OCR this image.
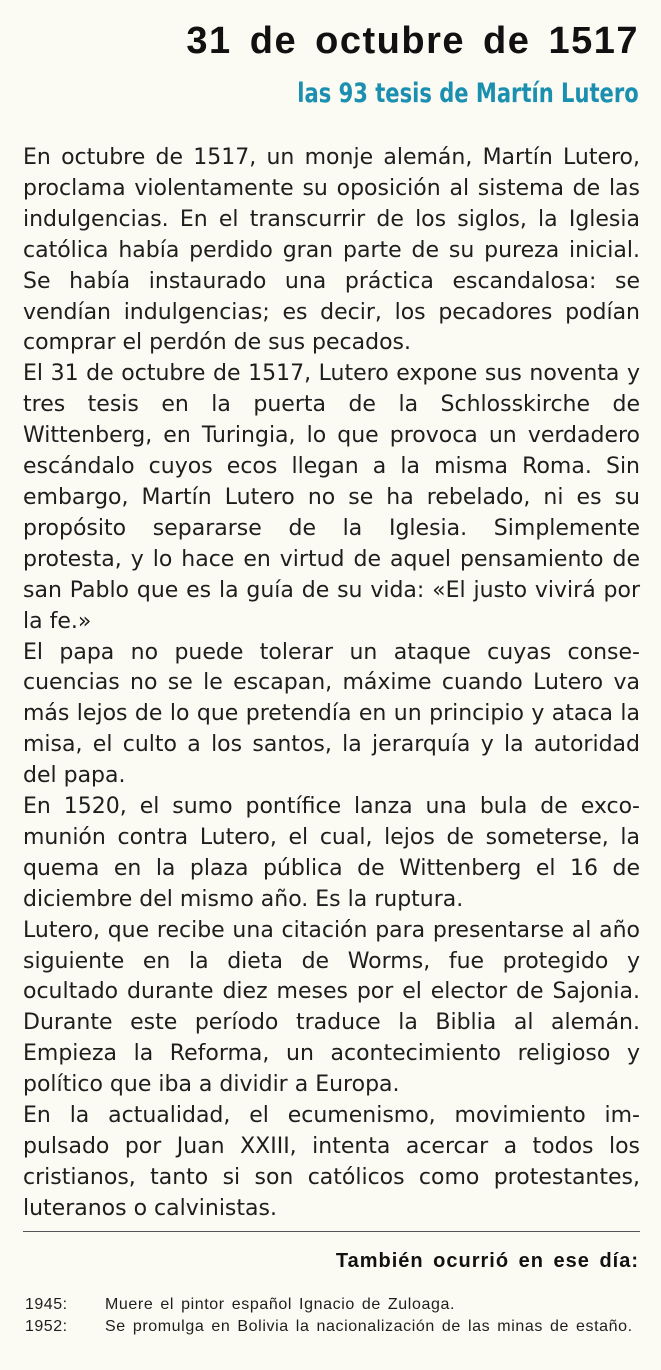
31 de octubre de 1517
las 93 tesis de Martín Lutero

En octubre de 1517, un monje alemán, Martín Lutero, proclama violentamente su oposición al sistema de las indulgencias. En el transcurrir de los siglos, la Iglesia católica había perdido gran parte de su pureza inicial. Se había instaurado una práctica escandalosa: se vendían indulgencias; es decir, los pecadores podían comprar el perdón de sus pecados.

El 31 de octubre de 1517, Lutero expone sus noventa y tres tesis en la puerta de la Schlosskirche de Wittenberg, en Turingia, lo que provoca un verdadero escándalo cuyos ecos llegan a la misma Roma. Sin embargo, Martín Lutero no se ha rebelado, ni es su propósito separarse de la Iglesia. Simplemente protesta, y lo hace en virtud de aquel pensamiento de san Pablo que es la guía de su vida: «El justo vivirá por la fe.»

El papa no puede tolerar un ataque cuyas consecuencias no se le escapan, máxime cuando Lutero va más lejos de lo que pretendía en un principio y ataca la misa, el culto a los santos, la jerarquía y la autoridad del papa.

En 1520, el sumo pontífice lanza una bula de excomunión contra Lutero, el cual, lejos de someterse, la quema en la plaza pública de Wittenberg el 16 de diciembre del mismo año. Es la ruptura.

Lutero, que recibe una citación para presentarse al año siguiente en la dieta de Worms, fue protegido y ocultado durante diez meses por el elector de Sajonia. Durante este período traduce la Biblia al alemán. Empieza la Reforma, un acontecimiento religioso y político que iba a dividir a Europa.

En la actualidad, el ecumenismo, movimiento impulsado por Juan XXIII, intenta acercar a todos los cristianos, tanto si son católicos como protestantes, luteranos o calvinistas.

También ocurrió en ese día:
1945:	Muere el pintor español Ignacio de Zuloaga.
1952:	Se promulga en Bolivia la nacionalización de las minas de estaño.
